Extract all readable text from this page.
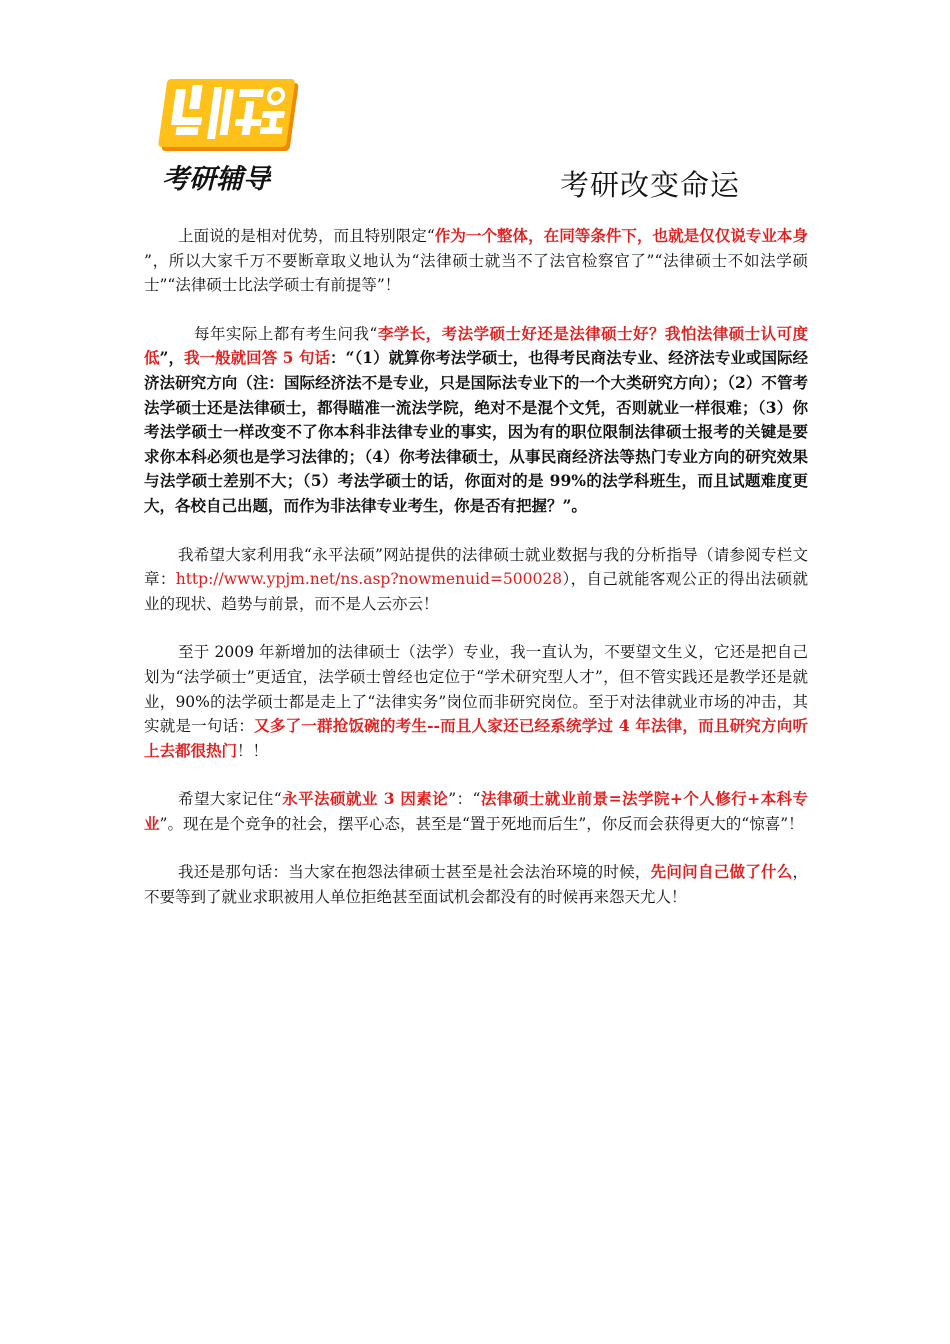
凯程
考研辅导	考研改变命运

上面说的是相对优势，而且特别限定“作为一个整体，在同等条件下，也就是仅仅说专业本身 ”，所以大家千万不要断章取义地认为“法律硕士就当不了法官检察官了”“法律硕士不如法学硕士”“法律硕士比法学硕士有前提等”！

每年实际上都有考生问我“李学长，考法学硕士好还是法律硕士好？我怕法律硕士认可度低”，我一般就回答 5 句话：“（1）就算你考法学硕士，也得考民商法专业、经济法专业或国际经济法研究方向（注：国际经济法不是专业，只是国际法专业下的一个大类研究方向）；（2）不管考法学硕士还是法律硕士，都得瞄准一流法学院，绝对不是混个文凭，否则就业一样很难；（3）你考法学硕士一样改变不了你本科非法律专业的事实，因为有的职位限制法律硕士报考的关键是要求你本科必须也是学习法律的；（4）你考法律硕士，从事民商经济法等热门专业方向的研究效果与法学硕士差别不大；（5）考法学硕士的话，你面对的是 99%的法学科班生，而且试题难度更大，各校自己出题，而作为非法律专业考生，你是否有把握？”。

我希望大家利用我“永平法硕”网站提供的法律硕士就业数据与我的分析指导（请参阅专栏文章：http://www.ypjm.net/ns.asp?nowmenuid=500028），自己就能客观公正的得出法硕就业的现状、趋势与前景，而不是人云亦云！

至于 2009 年新增加的法律硕士（法学）专业，我一直认为，不要望文生义，它还是把自己划为“法学硕士”更适宜，法学硕士曾经也定位于“学术研究型人才”，但不管实践还是教学还是就业，90%的法学硕士都是走上了“法律实务”岗位而非研究岗位。至于对法律就业市场的冲击，其实就是一句话：又多了一群抢饭碗的考生--而且人家还已经系统学过 4 年法律，而且研究方向听上去都很热门！！

希望大家记住“永平法硕就业 3 因素论”：“法律硕士就业前景=法学院+个人修行+本科专业”。现在是个竞争的社会，摆平心态，甚至是“置于死地而后生”，你反而会获得更大的“惊喜”！

我还是那句话：当大家在抱怨法律硕士甚至是社会法治环境的时候，先问问自己做了什么，不要等到了就业求职被用人单位拒绝甚至面试机会都没有的时候再来怨天尤人！
